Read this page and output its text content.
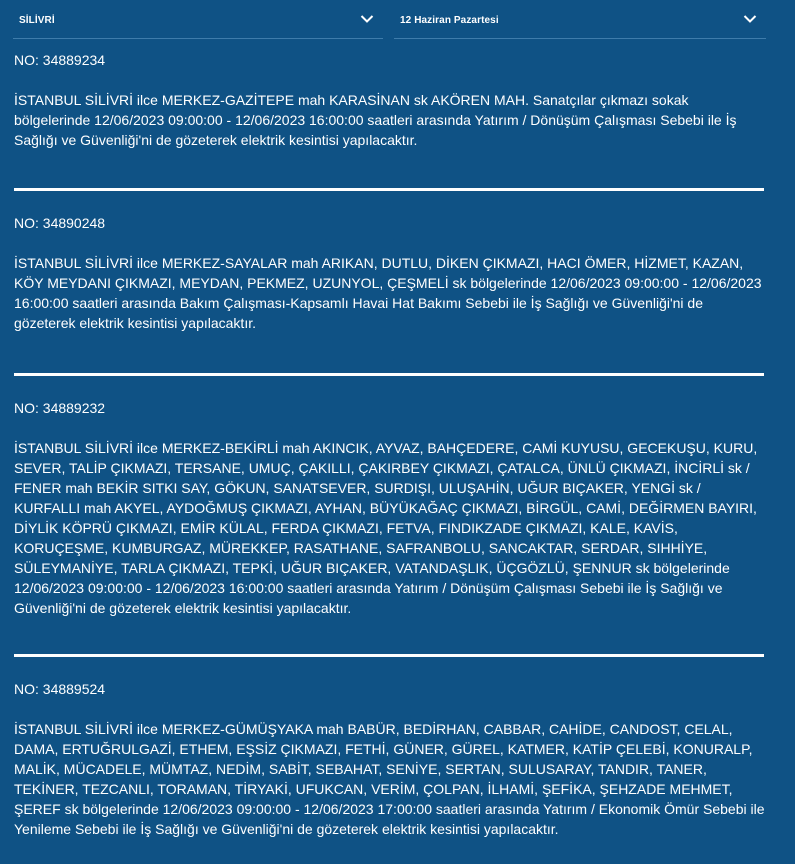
SİLİVRİ	12 Haziran Pazartesi

NO: 34889234

İSTANBUL SİLİVRİ ilce MERKEZ-GAZİTEPE mah KARASİNAN sk AKÖREN MAH. Sanatçılar çıkmazı sokak bölgelerinde 12/06/2023 09:00:00 - 12/06/2023 16:00:00 saatleri arasında Yatırım / Dönüşüm Çalışması Sebebi ile İş Sağlığı ve Güvenliği'ni de gözeterek elektrik kesintisi yapılacaktır.

NO: 34890248

İSTANBUL SİLİVRİ ilce MERKEZ-SAYALAR mah ARIKAN, DUTLU, DİKEN ÇIKMAZI, HACI ÖMER, HİZMET, KAZAN, KÖY MEYDANI ÇIKMAZI, MEYDAN, PEKMEZ, UZUNYOL, ÇEŞMELİ sk bölgelerinde 12/06/2023 09:00:00 - 12/06/2023 16:00:00 saatleri arasında Bakım Çalışması-Kapsamlı Havai Hat Bakımı Sebebi ile İş Sağlığı ve Güvenliği'ni de gözeterek elektrik kesintisi yapılacaktır.

NO: 34889232

İSTANBUL SİLİVRİ ilce MERKEZ-BEKİRLİ mah AKINCIK, AYVAZ, BAHÇEDERE, CAMİ KUYUSU, GECEKUŞU, KURU, SEVER, TALİP ÇIKMAZI, TERSANE, UMUÇ, ÇAKILLI, ÇAKIRBEY ÇIKMAZI, ÇATALCA, ÜNLÜ ÇIKMAZI, İNCİRLİ sk / FENER mah BEKİR SITKI SAY, GÖKUN, SANATSEVER, SURDIŞI, ULUŞAHİN, UĞUR BIÇAKER, YENGİ sk / KURFALLI mah AKYEL, AYDOĞMUŞ ÇIKMAZI, AYHAN, BÜYÜKAĞAÇ ÇIKMAZI, BİRGÜL, CAMİ, DEĞİRMEN BAYIRI, DİYLİK KÖPRÜ ÇIKMAZI, EMİR KÜLAL, FERDA ÇIKMAZI, FETVA, FINDIKZADE ÇIKMAZI, KALE, KAVİS, KORUÇEŞME, KUMBURGAZ, MÜREKKEP, RASATHANE, SAFRANBOLU, SANCAKTAR, SERDAR, SIHHİYE, SÜLEYMANİYE, TARLA ÇIKMAZI, TEPKİ, UĞUR BIÇAKER, VATANDAŞLIK, ÜÇGÖZLÜ, ŞENNUR sk bölgelerinde 12/06/2023 09:00:00 - 12/06/2023 16:00:00 saatleri arasında Yatırım / Dönüşüm Çalışması Sebebi ile İş Sağlığı ve Güvenliği'ni de gözeterek elektrik kesintisi yapılacaktır.

NO: 34889524

İSTANBUL SİLİVRİ ilce MERKEZ-GÜMÜŞYAKA mah BABÜR, BEDİRHAN, CABBAR, CAHİDE, CANDOST, CELAL, DAMA, ERTUĞRULGAZİ, ETHEM, EŞSİZ ÇIKMAZI, FETHİ, GÜNER, GÜREL, KATMER, KATİP ÇELEBİ, KONURALP, MALİK, MÜCADELE, MÜMTAZ, NEDİM, SABİT, SEBAHAT, SENİYE, SERTAN, SULUSARAY, TANDIR, TANER, TEKİNER, TEZCANLI, TORAMAN, TİRYAKİ, UFUKCAN, VERİM, ÇOLPAN, İLHAMİ, ŞEFİKA, ŞEHZADE MEHMET, ŞEREF sk bölgelerinde 12/06/2023 09:00:00 - 12/06/2023 17:00:00 saatleri arasında Yatırım / Ekonomik Ömür Sebebi ile Yenileme Sebebi ile İş Sağlığı ve Güvenliği'ni de gözeterek elektrik kesintisi yapılacaktır.
